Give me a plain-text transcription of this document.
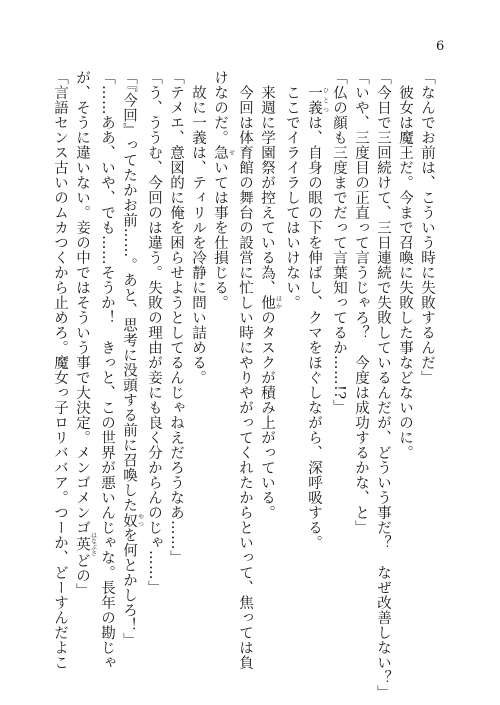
6
「なんでお前は、こういう時に失敗するんだ」
　彼女は魔王だ。今まで召喚に失敗した事などないのに。
「今日で三回続けて、三日連続で失敗しているんだが、どういう事だ？　なぜ改善しない？」
「いや、三度目の正直って言うじゃろ？　今度は成功するかな、と」
「仏の顔も三度までだって言葉知ってるか……!?」
　一義 ひとつは、自身の眼の下を伸ばし、クマをほぐしながら、深呼吸する。
　ここでイライラしてはいけない。
　来週に学園祭が控えている為、他 ほかのタスクが積み上がっている。
　今回は体育館の舞台の設営に忙しい時にやりやがってくれたからといって、焦っては負
けなのだ。急 せいては事を仕損じる。
　故に一義は、ティリルを冷静に問い詰める。
「テメエ、意図的に俺を困らせようとしてるんじゃねえだろうなあ……」
「う、ううむ、今回のは違う。失敗の理由が妾にも良く分からんのじゃ……」
「『今回』ってたかお前……。あと、思考に没頭する前に召喚した奴 やつを何とかしろ！」
「……ああ、いや、でも……そうか！　きっと、この世界が悪いんじゃな。長年の勘じゃ
が、そうに違いない。妾の中ではそういう事で大決定。メンゴメンゴ英 はなぶさどの」
「言語センス古いのムカつくから止めろ。魔女っ子ロリババア。つーか、どーすんだよこ
